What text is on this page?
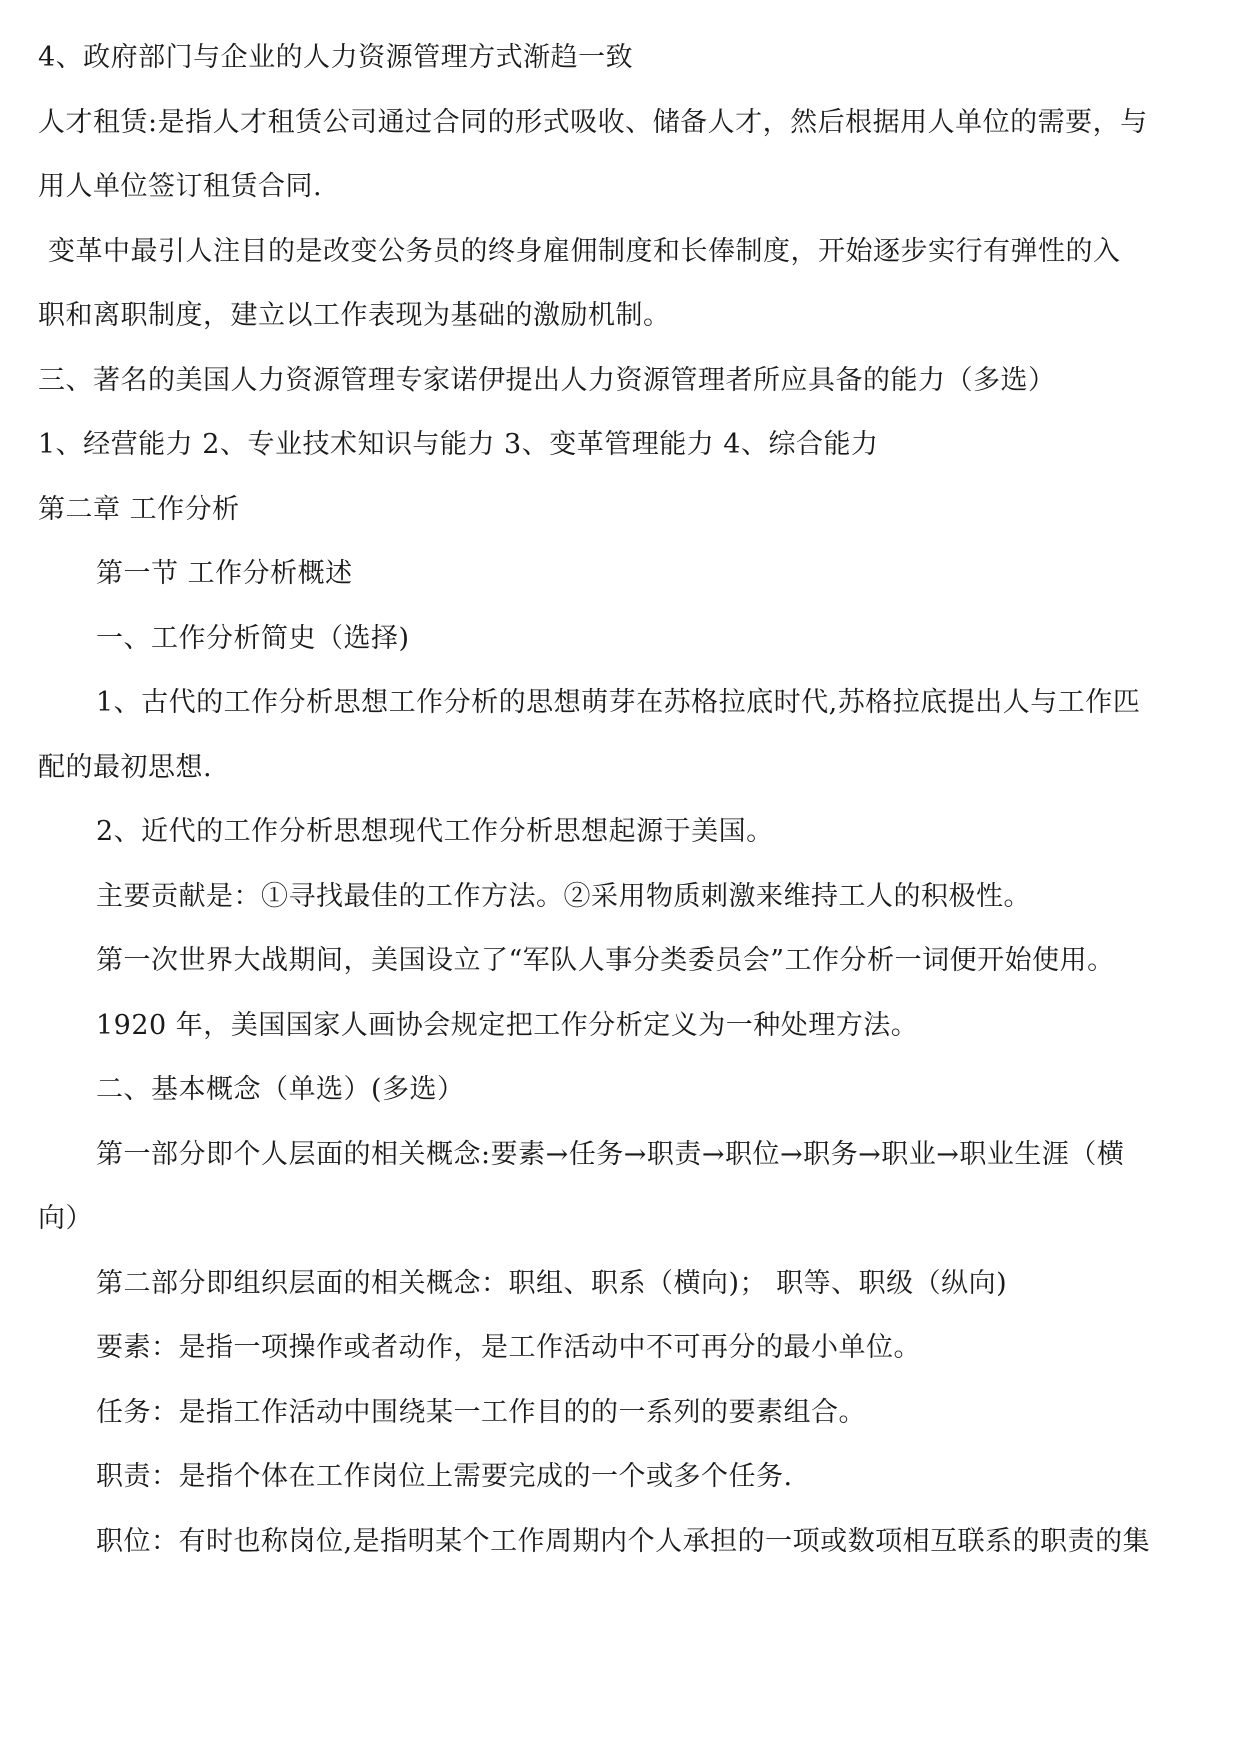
4、政府部门与企业的人力资源管理方式渐趋一致
人才租赁:是指人才租赁公司通过合同的形式吸收、储备人才，然后根据用人单位的需要，与
用人单位签订租赁合同.
变革中最引人注目的是改变公务员的终身雇佣制度和长俸制度，开始逐步实行有弹性的入
职和离职制度，建立以工作表现为基础的激励机制。
三、著名的美国人力资源管理专家诺伊提出人力资源管理者所应具备的能力（多选）
1、经营能力 2、专业技术知识与能力 3、变革管理能力 4、综合能力
第二章 工作分析
第一节 工作分析概述
一、工作分析简史（选择)
1、古代的工作分析思想工作分析的思想萌芽在苏格拉底时代,苏格拉底提出人与工作匹
配的最初思想.
2、近代的工作分析思想现代工作分析思想起源于美国。
主要贡献是：①寻找最佳的工作方法。②采用物质刺激来维持工人的积极性。
第一次世界大战期间，美国设立了“军队人事分类委员会”工作分析一词便开始使用。
1920 年，美国国家人画协会规定把工作分析定义为一种处理方法。
二、基本概念（单选）(多选）
第一部分即个人层面的相关概念:要素→任务→职责→职位→职务→职业→职业生涯（横
向）
第二部分即组织层面的相关概念：职组、职系（横向)； 职等、职级（纵向)
要素：是指一项操作或者动作，是工作活动中不可再分的最小单位。
任务：是指工作活动中围绕某一工作目的的一系列的要素组合。
职责：是指个体在工作岗位上需要完成的一个或多个任务.
职位：有时也称岗位,是指明某个工作周期内个人承担的一项或数项相互联系的职责的集
